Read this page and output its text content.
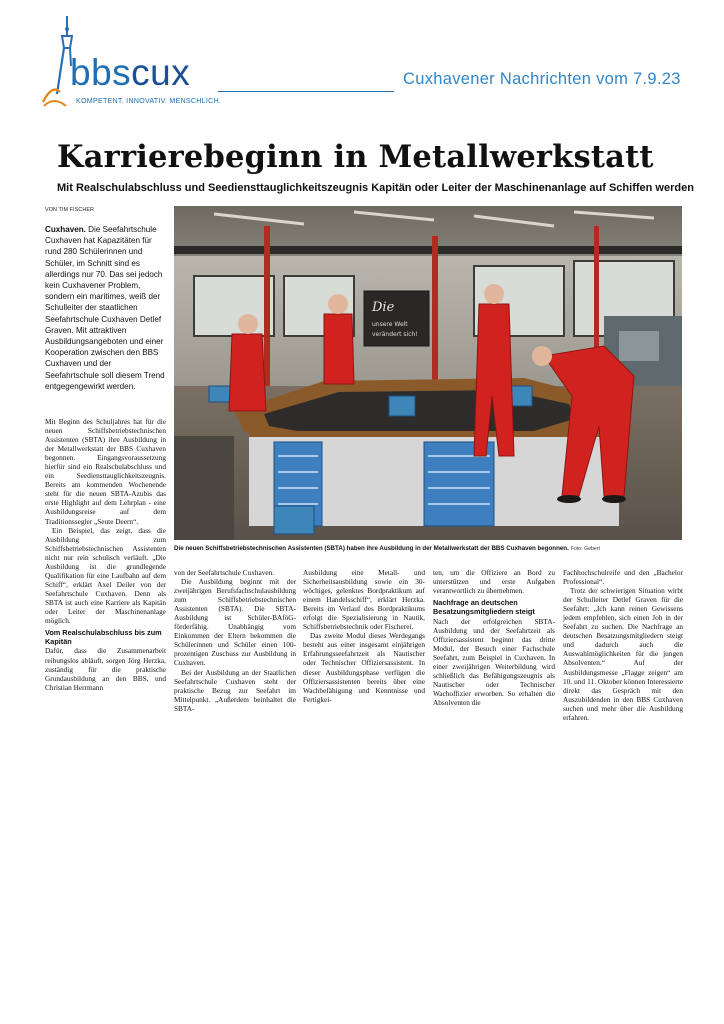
bbscux
KOMPETENT. INNOVATIV. MENSCHLICH.
Cuxhavener Nachrichten vom 7.9.23
Karrierebeginn in Metallwerkstatt
Mit Realschulabschluss und Seediensttauglichkeitszeugnis Kapitän oder Leiter der Maschinenanlage auf Schiffen werden
VON TIM FISCHER
Cuxhaven. Die Seefahrtschule Cuxhaven hat Kapazitäten für rund 280 Schülerinnen und Schüler, im Schnitt sind es allerdings nur 70. Das sei jedoch kein Cuxhavener Problem, sondern ein maritimes, weiß der Schulleiter der staatlichen Seefahrtschule Cuxhaven Detlef Graven. Mit attraktiven Ausbildungsangeboten und einer Kooperation zwischen den BBS Cuxhaven und der Seefahrtschule soll diesem Trend entgegengewirkt werden.
Die
unsere Welt
verändert sich!
Die neuen Schiffsbetriebstechnischen Assistenten (SBTA) haben ihre Ausbildung in der Metallwerkstatt der BBS Cuxhaven begonnen. Foto: Gebert

Mit Beginn des Schuljahres hat für die neuen Schiffsbetriebstechnischen Assistenten (SBTA) ihre Ausbildung in der Metallwerkstatt der BBS Cuxhaven begonnen. Eingangsvoraussetzung hierfür sind ein Realschulabschluss und ein Seediensttauglichkeitszeugnis. Bereits am kommenden Wochenende steht für die neuen SBTA-Azubis das erste Highlight auf dem Lehrplan - eine Ausbildungsreise auf dem Traditionssegler „Seute Deern“.

Ein Beispiel, das zeigt, dass die Ausbildung zum Schiffsbetriebstechnischen Assistenten nicht nur rein schulisch verläuft. „Die Ausbildung ist die grundlegende Qualifikation für eine Laufbahn auf dem Schiff“, erklärt Axel Deiler von der Seefahrtschule Cuxhaven. Denn als SBTA ist auch eine Karriere als Kapitän oder Leiter der Maschinenanlage möglich.

Vom Realschulabschluss bis zum Kapitän

Dafür, dass die Zusammenarbeit reibungslos abläuft, sorgen Jörg Herzka, zuständig für die praktische Grundausbildung an den BBS, und Christian Herrmann

von der Seefahrtschule Cuxhaven.

Die Ausbildung beginnt mit der zweijährigen Berufsfachschulausbildung zum Schiffsbetriebstechnischen Assistenten (SBTA). Die SBTA-Ausbildung ist Schüler-BAföG-förderfähig. Unabhängig vom Einkommen der Eltern bekommen die Schülerinnen und Schüler einen 100-prozentigen Zuschuss zur Ausbildung in Cuxhaven.

Bei der Ausbildung an der Staatlichen Seefahrtschule Cuxhaven steht der praktische Bezug zur Seefahrt im Mittelpunkt. „Außerdem beinhaltet die SBTA-

Ausbildung eine Metall- und Sicherheitsausbildung sowie ein 30-wöchiges, gelenktes Bordpraktikum auf einem Handelsschiff“, erklärt Herzka. Bereits im Verlauf des Bordpraktikums erfolgt die Spezialisierung in Nautik, Schiffsbetriebstechnik oder Fischerei.

Das zweite Modul dieses Werdegangs besteht aus einer insgesamt einjährigen Erfahrungsseefahrtzeit als Nautischer oder Technischer Offiziersassistent. In dieser Ausbildungsphase verfügen die Offiziersassistenten bereits über eine Wachbefähigung und Kenntnisse und Fertigkei-

ten, um die Offiziere an Bord zu unterstützen und erste Aufgaben verantwortlich zu übernehmen.

Nachfrage an deutschen Besatzungsmitgliedern steigt

Nach der erfolgreichen SBTA-Ausbildung und der Seefahrtzeit als Offiziersassistent beginnt das dritte Modul, der Besuch einer Fachschule Seefahrt, zum Beispiel in Cuxhaven. In einer zweijährigen Weiterbildung wird schließlich das Befähigungszeugnis als Nautischer oder Technischer Wachoffizier erworben. So erhalten die Absolventen die

Fachhochschulreife und den „Bachelor Professional“.

Trotz der schwierigen Situation wirbt der Schulleiter Detlef Graven für die Seefahrt: „Ich kann reinen Gewissens jedem empfehlen, sich einen Job in der Seefahrt zu suchen. Die Nachfrage an deutschen Besatzungsmitgliedern steigt und dadurch auch die Auswahlmöglichkeiten für die jungen Absolventen.“ Auf der Ausbildungsmesse „Flagge zeigen“ am 10. und 11. Oktober können Interessierte direkt das Gespräch mit den Auszubildenden in den BBS Cuxhaven suchen und mehr über die Ausbildung erfahren.
